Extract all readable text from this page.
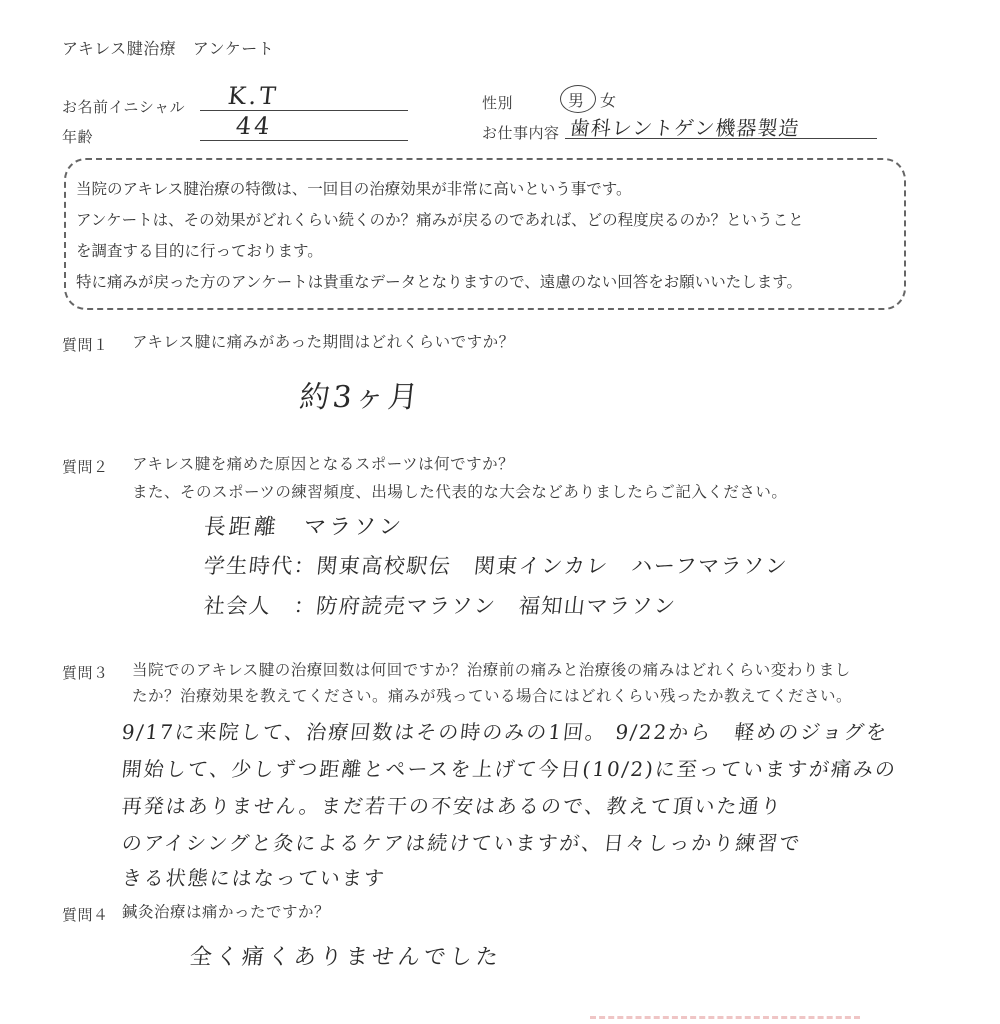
アキレス腱治療　アンケート
お名前イニシャル K.T
年齢	44
性別	男 女
お仕事内容 歯科レントゲン機器製造
当院のアキレス腱治療の特徴は、一回目の治療効果が非常に高いという事です。
アンケートは、その効果がどれくらい続くのか？痛みが戻るのであれば、どの程度戻るのか？ということ
を調査する目的に行っております。
特に痛みが戻った方のアンケートは貴重なデータとなりますので、遠慮のない回答をお願いいたします。
質問１ アキレス腱に痛みがあった期間はどれくらいですか？
約3ヶ月
質問２ アキレス腱を痛めた原因となるスポーツは何ですか？
また、そのスポーツの練習頻度、出場した代表的な大会などありましたらご記入ください。
長距離　マラソン
学生時代：関東高校駅伝　関東インカレ　ハーフマラソン
社会人　：防府読売マラソン　福知山マラソン
質問３ 当院でのアキレス腱の治療回数は何回ですか？治療前の痛みと治療後の痛みはどれくらい変わりまし
たか？治療効果を教えてください。痛みが残っている場合にはどれくらい残ったか教えてください。
9/17に来院して、治療回数はその時のみの1回。 9/22から　軽めのジョグを
開始して、少しずつ距離とペースを上げて今日(10/2)に至っていますが痛みの
再発はありません。まだ若干の不安はあるので、教えて頂いた通り
のアイシングと灸によるケアは続けていますが、日々しっかり練習で
きる状態にはなっています
質問４ 鍼灸治療は痛かったですか？
全く痛くありませんでした
